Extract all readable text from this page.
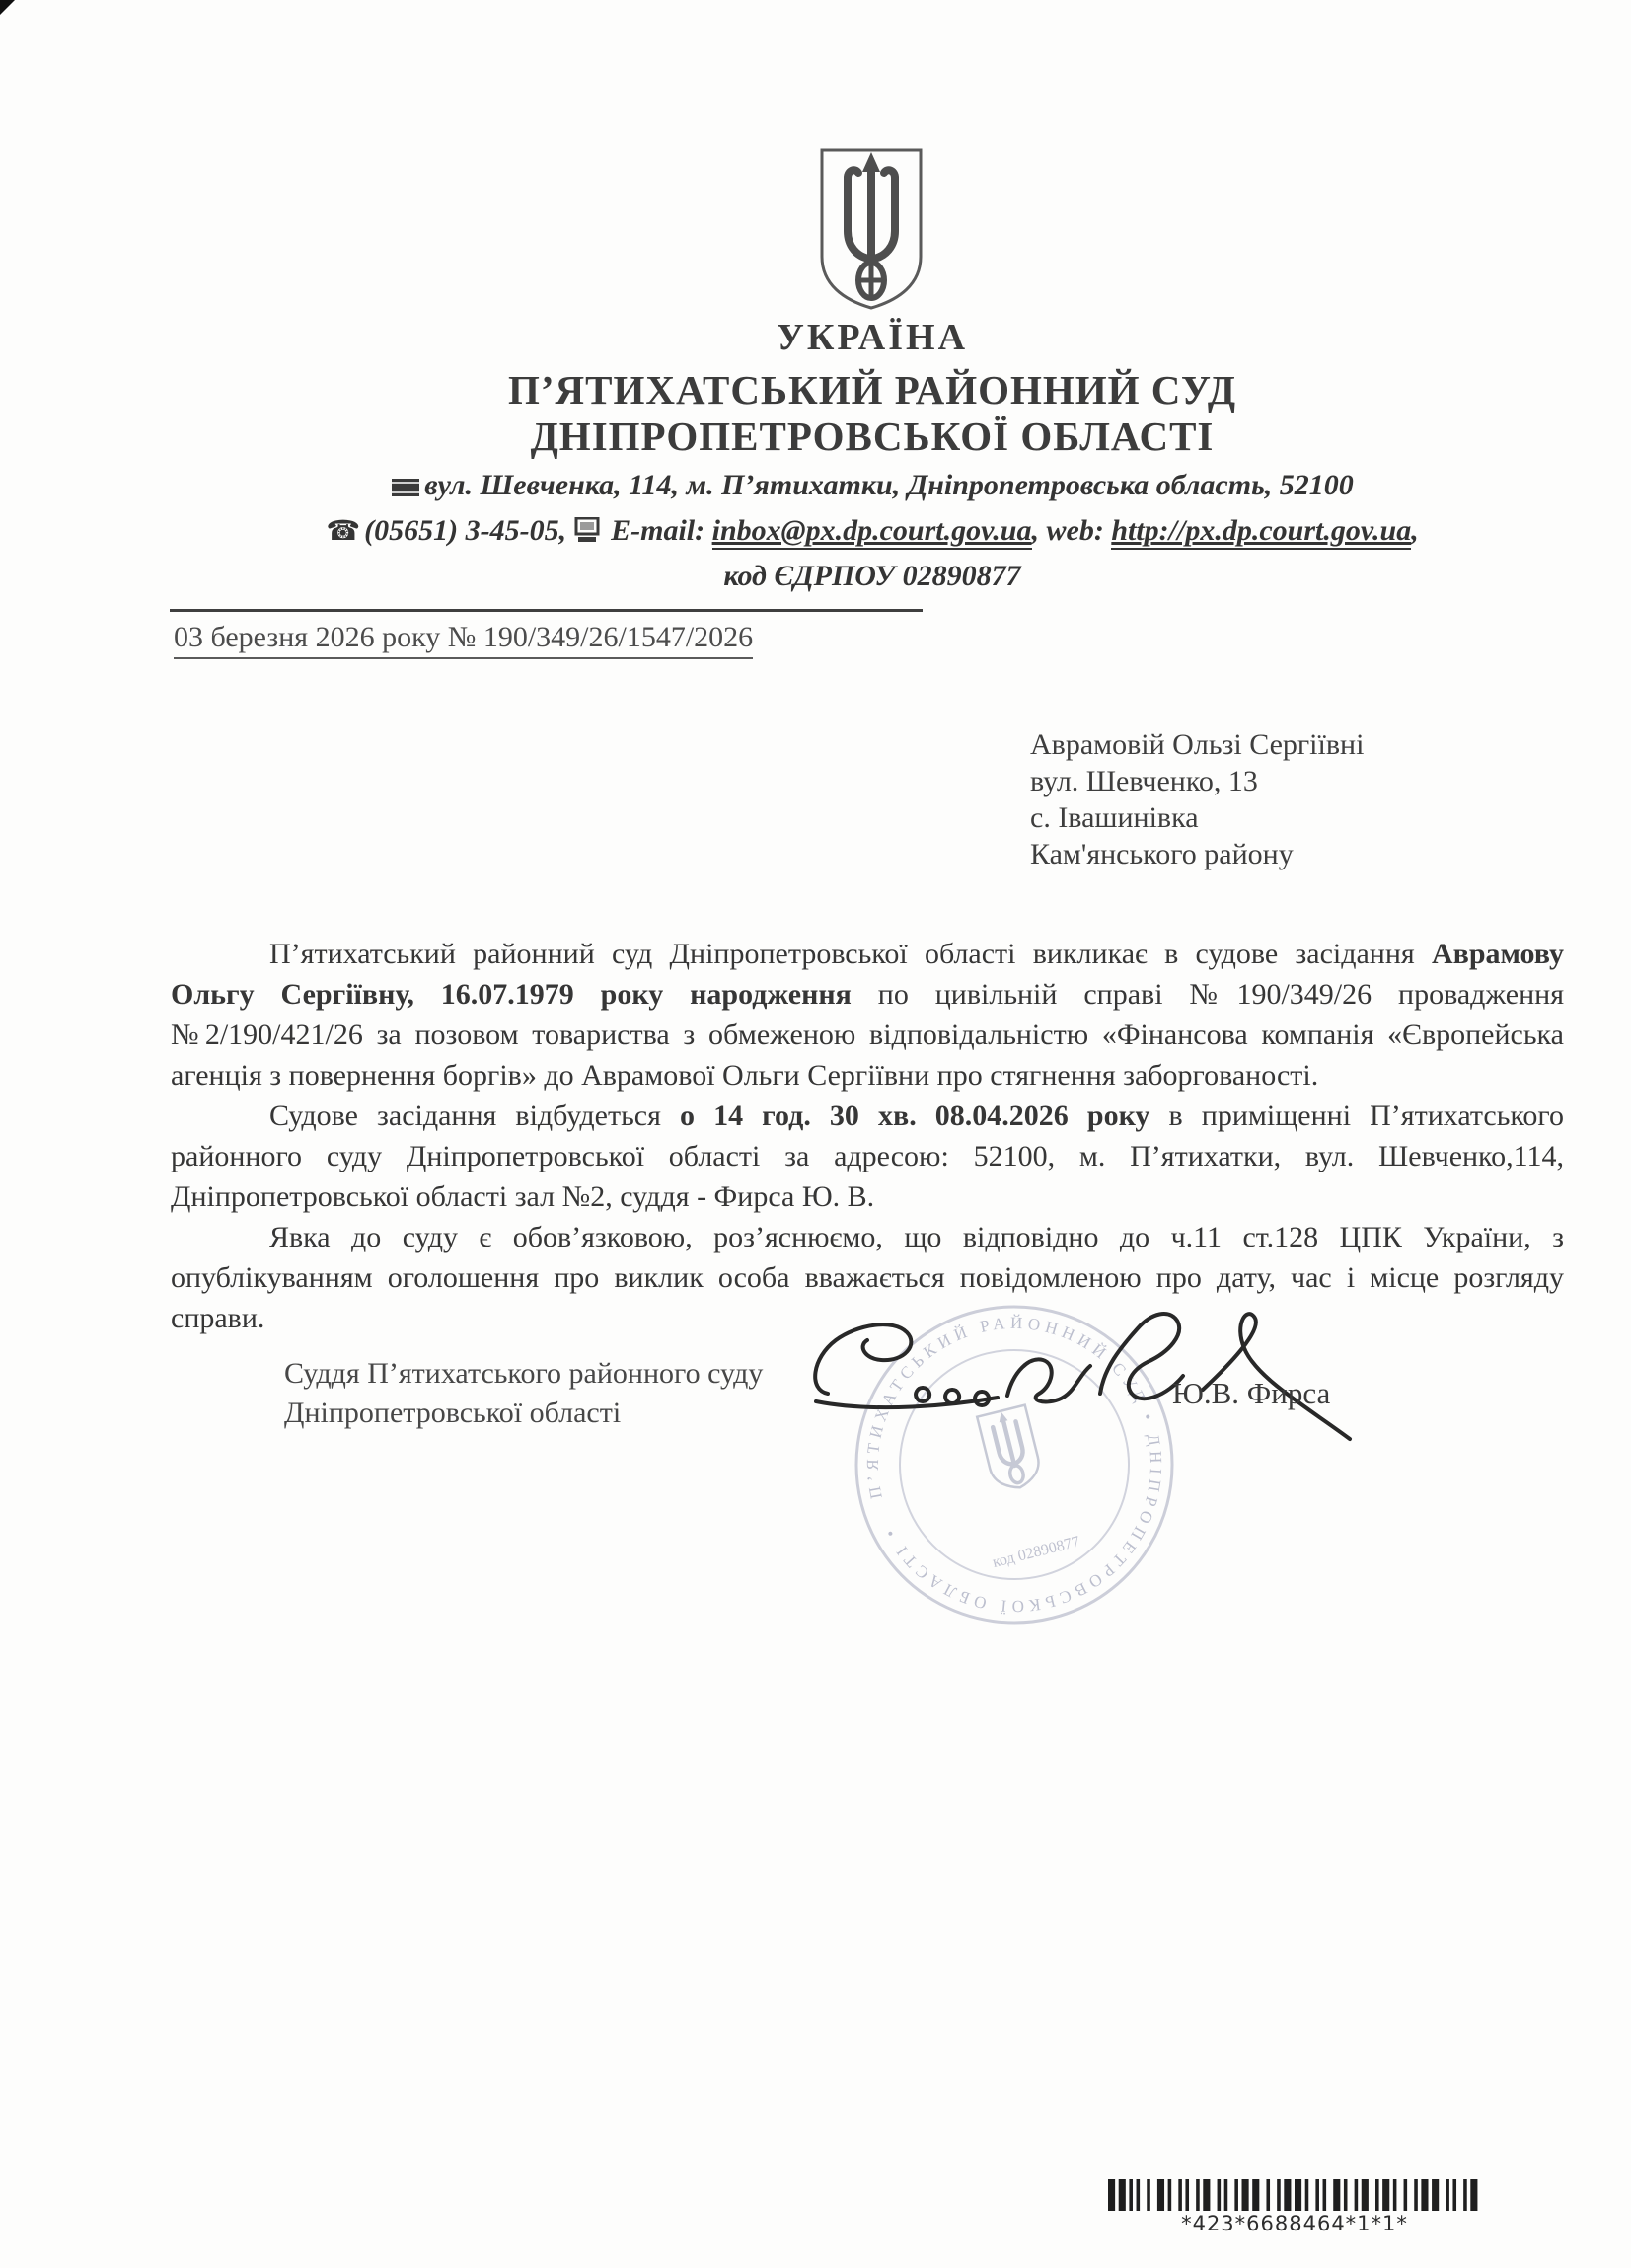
УКРАЇНА
П’ЯТИХАТСЬКИЙ РАЙОННИЙ СУД
ДНІПРОПЕТРОВСЬКОЇ ОБЛАСТІ
вул. Шевченка, 114, м. П’ятихатки, Дніпропетровська область, 52100
☎ (05651) 3-45-05, E-mail: inbox@px.dp.court.gov.ua, web: http://px.dp.court.gov.ua,
код ЄДРПОУ 02890877
03 березня 2026 року № 190/349/26/1547/2026
Аврамовій Ользі Сергіївні
вул. Шевченко, 13
с. Івашинівка
Кам'янського району

П’ятихатський районний суд Дніпропетровської області викликає в судове засідання Аврамову Ольгу Сергіївну, 16.07.1979 року народження по цивільній справі №190/349/26 провадження №2/190/421/26 за позовом товариства з обмеженою відповідальністю «Фінансова компанія «Європейська агенція з повернення боргів» до Аврамової Ольги Сергіївни про стягнення заборгованості.

Судове засідання відбудеться о 14 год. 30 хв. 08.04.2026 року в приміщенні П’ятихатського районного суду Дніпропетровської області за адресою: 52100, м. П’ятихатки, вул. Шевченко,114, Дніпропетровської області зал №2, суддя - Фирса Ю. В.

Явка до суду є обов’язковою, роз’яснюємо, що відповідно до ч.11 ст.128 ЦПК України, з опублікуванням оголошення про виклик особа вважається повідомленою про дату, час і місце розгляду справи.

П’ЯТИХАТСЬКИЙ РАЙОННИЙ СУД • ДНІПРОПЕТРОВСЬКОЇ ОБЛАСТІ •
код 02890877
Суддя П’ятихатського районного суду
Дніпропетровської області
Ю.В. Фирса
*423*6688464*1*1*
